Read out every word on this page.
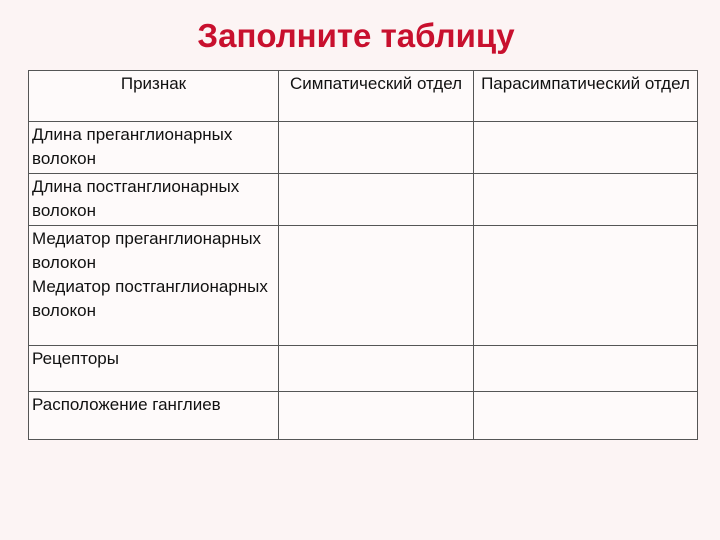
Заполните таблицу
Признак	Симпатический отдел	Парасимпатический отдел
Длина преганглионарных волокон		
Длина постганглионарных волокон		

Медиатор преганглионарных волокон
Медиатор постганглионарных волокон		

Рецепторы		
Расположение ганглиев		
